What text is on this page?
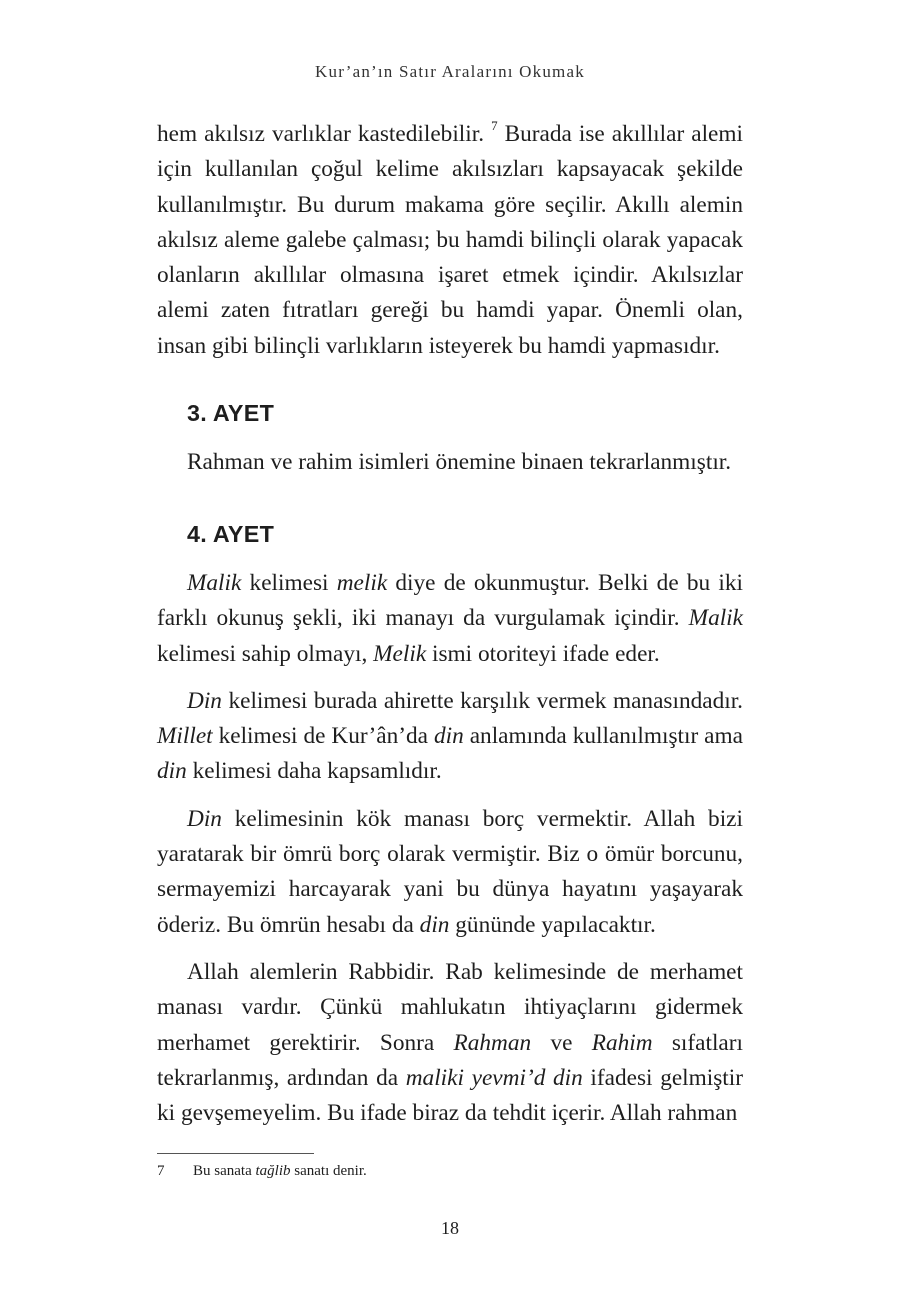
Kur’an’ın Satır Aralarını Okumak

hem akılsız varlıklar kastedilebilir. $^7$ Burada ise akıllılar alemi için kullanılan çoğul kelime akılsızları kapsayacak şekilde kullanılmıştır. Bu durum makama göre seçilir. Akıllı alemin akılsız aleme galebe çalması; bu hamdi bilinçli olarak yapacak olanların akıllılar olmasına işaret etmek içindir. Akılsızlar alemi zaten fıtratları gereği bu hamdi yapar. Önemli olan, insan gibi bilinçli varlıkların isteyerek bu hamdi yapmasıdır.

3. AYET

Rahman ve rahim isimleri önemine binaen tekrarlanmıştır.

4. AYET

Malik kelimesi melik diye de okunmuştur. Belki de bu iki farklı okunuş şekli, iki manayı da vurgulamak içindir. Malik kelimesi sahip olmayı, Melik ismi otoriteyi ifade eder.

Din kelimesi burada ahirette karşılık vermek manasındadır. Millet kelimesi de Kur’ân’da din anlamında kullanılmıştır ama din kelimesi daha kapsamlıdır.

Din kelimesinin kök manası borç vermektir. Allah bizi yaratarak bir ömrü borç olarak vermiştir. Biz o ömür borcunu, sermayemizi harcayarak yani bu dünya hayatını yaşayarak öderiz. Bu ömrün hesabı da din gününde yapılacaktır.

Allah alemlerin Rabbidir. Rab kelimesinde de merhamet manası vardır. Çünkü mahlukatın ihtiyaçlarını gidermek merhamet gerektirir. Sonra Rahman ve Rahim sıfatları tekrarlanmış, ardından da maliki yevmi’d din ifadesi gelmiştir ki gevşemeyelim. Bu ifade biraz da tehdit içerir. Allah rahman

7 Bu sanata tağlib sanatı denir.
18
